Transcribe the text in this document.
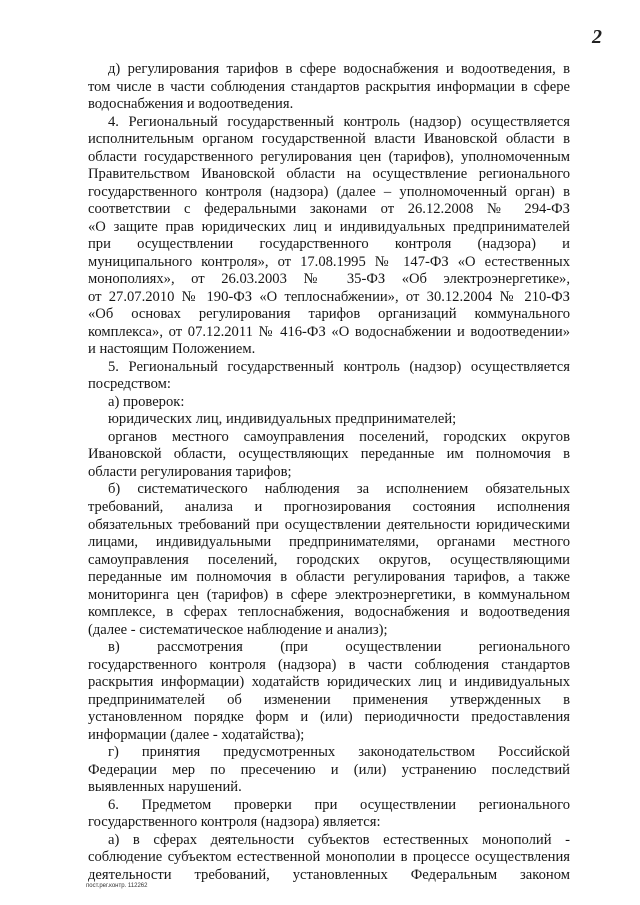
2
д) регулирования тарифов в сфере водоснабжения и водоотведения, в
том числе в части соблюдения стандартов раскрытия информации в сфере
водоснабжения и водоотведения.
4. Региональный государственный контроль (надзор) осуществляется
исполнительным органом государственной власти Ивановской области в
области государственного регулирования цен (тарифов), уполномоченным
Правительством Ивановской области на осуществление регионального
государственного контроля (надзора) (далее – уполномоченный орган) в
соответствии с федеральными законами от 26.12.2008 № 294-ФЗ
«О защите прав юридических лиц и индивидуальных предпринимателей
при осуществлении государственного контроля (надзора) и
муниципального контроля», от 17.08.1995 № 147-ФЗ «О естественных
монополиях», от 26.03.2003 № 35-ФЗ «Об электроэнергетике»,
от 27.07.2010 № 190-ФЗ «О теплоснабжении», от 30.12.2004 № 210-ФЗ
«Об основах регулирования тарифов организаций коммунального
комплекса», от 07.12.2011 № 416-ФЗ «О водоснабжении и водоотведении»
и настоящим Положением.
5. Региональный государственный контроль (надзор) осуществляется
посредством:
а) проверок:
юридических лиц, индивидуальных предпринимателей;
органов местного самоуправления поселений, городских округов
Ивановской области, осуществляющих переданные им полномочия в
области регулирования тарифов;
б) систематического наблюдения за исполнением обязательных
требований, анализа и прогнозирования состояния исполнения
обязательных требований при осуществлении деятельности юридическими
лицами, индивидуальными предпринимателями, органами местного
самоуправления поселений, городских округов, осуществляющими
переданные им полномочия в области регулирования тарифов, а также
мониторинга цен (тарифов) в сфере электроэнергетики, в коммунальном
комплексе, в сферах теплоснабжения, водоснабжения и водоотведения
(далее - систематическое наблюдение и анализ);
в) рассмотрения (при осуществлении регионального
государственного контроля (надзора) в части соблюдения стандартов
раскрытия информации) ходатайств юридических лиц и индивидуальных
предпринимателей об изменении применения утвержденных в
установленном порядке форм и (или) периодичности предоставления
информации (далее - ходатайства);
г) принятия предусмотренных законодательством Российской
Федерации мер по пресечению и (или) устранению последствий
выявленных нарушений.
6. Предметом проверки при осуществлении регионального
государственного контроля (надзора) является:
а) в сферах деятельности субъектов естественных монополий -
соблюдение субъектом естественной монополии в процессе осуществления
деятельности требований, установленных Федеральным законом
пост.рег.контр. 112262
